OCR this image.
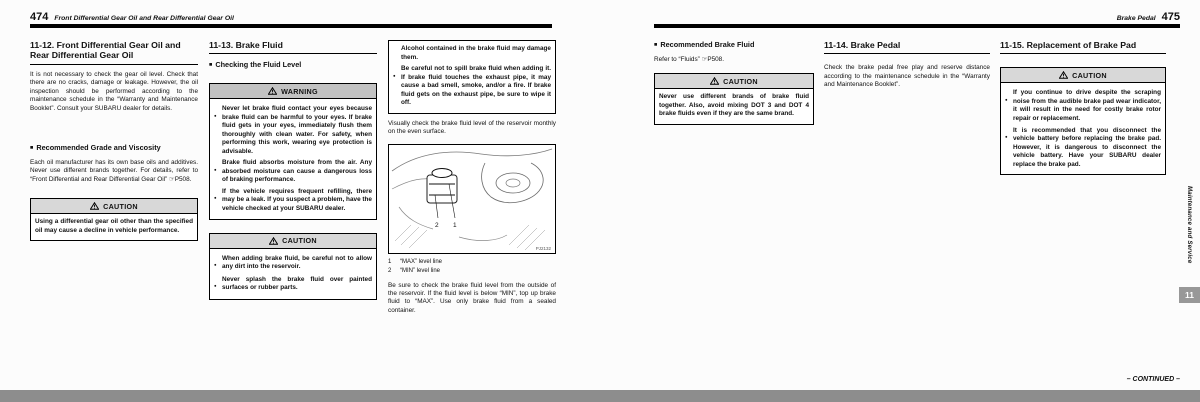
474 Front Differential Gear Oil and Rear Differential Gear Oil
11-12. Front Differential Gear Oil and Rear Differential Gear Oil
It is not necessary to check the gear oil level. Check that there are no cracks, damage or leakage. However, the oil inspection should be performed according to the maintenance schedule in the “Warranty and Maintenance Booklet”. Consult your SUBARU dealer for details.
■
Recommended Grade and Viscosity
Each oil manufacturer has its own base oils and additives. Never use different brands together. For details, refer to “Front Differential and Rear Differential Gear Oil” ☞P508.
CAUTION
Using a differential gear oil other than the specified oil may cause a decline in vehicle performance.
11-13. Brake Fluid
■
Checking the Fluid Level
WARNING
●
Never let brake fluid contact your eyes because brake fluid can be harmful to your eyes. If brake fluid gets in your eyes, immediately flush them thoroughly with clean water. For safety, when performing this work, wearing eye protection is advisable.
●
Brake fluid absorbs moisture from the air. Any absorbed moisture can cause a dangerous loss of braking performance.
●
If the vehicle requires frequent refilling, there may be a leak. If you suspect a problem, have the vehicle checked at your SUBARU dealer.
CAUTION
●
When adding brake fluid, be careful not to allow any dirt into the reservoir.
●
Never splash the brake fluid over painted surfaces or rubber parts.
Alcohol contained in the brake fluid may damage them.
●
Be careful not to spill brake fluid when adding it. If brake fluid touches the exhaust pipe, it may cause a bad smell, smoke, and/or a fire. If brake fluid gets on the exhaust pipe, be sure to wipe it off.
Visually check the brake fluid level of the reservoir monthly on the even surface.
2 1
PJ2132
1 “MAX” level line
2 “MIN” level line
Be sure to check the brake fluid level from the outside of the reservoir. If the fluid level is below “MIN”, top up brake fluid to “MAX”. Use only brake fluid from a sealed container.
Brake Pedal 475
■
Recommended Brake Fluid
Refer to “Fluids” ☞P508.
CAUTION
Never use different brands of brake fluid together. Also, avoid mixing DOT 3 and DOT 4 brake fluids even if they are the same brand.
11-14. Brake Pedal
Check the brake pedal free play and reserve distance according to the maintenance schedule in the “Warranty and Maintenance Booklet”.
11-15. Replacement of Brake Pad
CAUTION
●
If you continue to drive despite the scraping noise from the audible brake pad wear indicator, it will result in the need for costly brake rotor repair or replacement.
●
It is recommended that you disconnect the vehicle battery before replacing the brake pad. However, it is dangerous to disconnect the vehicle battery. Have your SUBARU dealer replace the brake pad.
– CONTINUED –
Maintenance and Service
11
